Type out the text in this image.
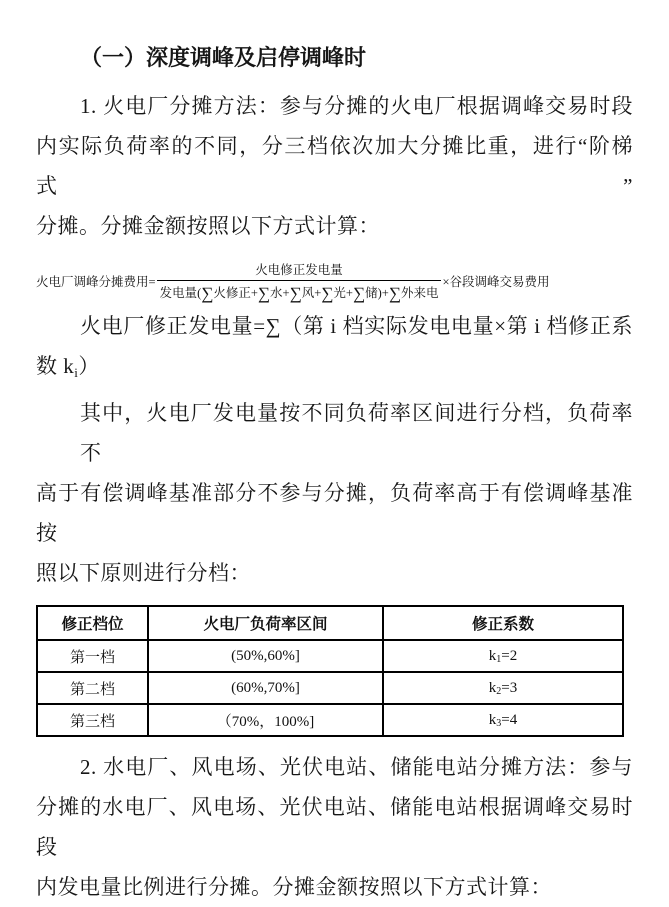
（一）深度调峰及启停调峰时
1. 火电厂分摊方法：参与分摊的火电厂根据调峰交易时段
内实际负荷率的不同，分三档依次加大分摊比重，进行“阶梯式”
分摊。分摊金额按照以下方式计算：
火电厂调峰分摊费用= $\frac{\text{火电修正发电量}}{\text{发电量(∑火修正+∑水+∑风+∑光+∑储)+∑外来电}}$ ×谷段调峰交易费用
火电厂修正发电量=∑（第 i 档实际发电电量×第 i 档修正系
数 $k_i$）
其中，火电厂发电量按不同负荷率区间进行分档，负荷率不
高于有偿调峰基准部分不参与分摊，负荷率高于有偿调峰基准按
照以下原则进行分档：
修正档位	火电厂负荷率区间	修正系数
第一档	(50%,60%]	k1=2
第二档	(60%,70%]	k2=3
第三档	（70%，100%]	k3=4
2. 水电厂、风电场、光伏电站、储能电站分摊方法：参与
分摊的水电厂、风电场、光伏电站、储能电站根据调峰交易时段
内发电量比例进行分摊。分摊金额按照以下方式计算：
